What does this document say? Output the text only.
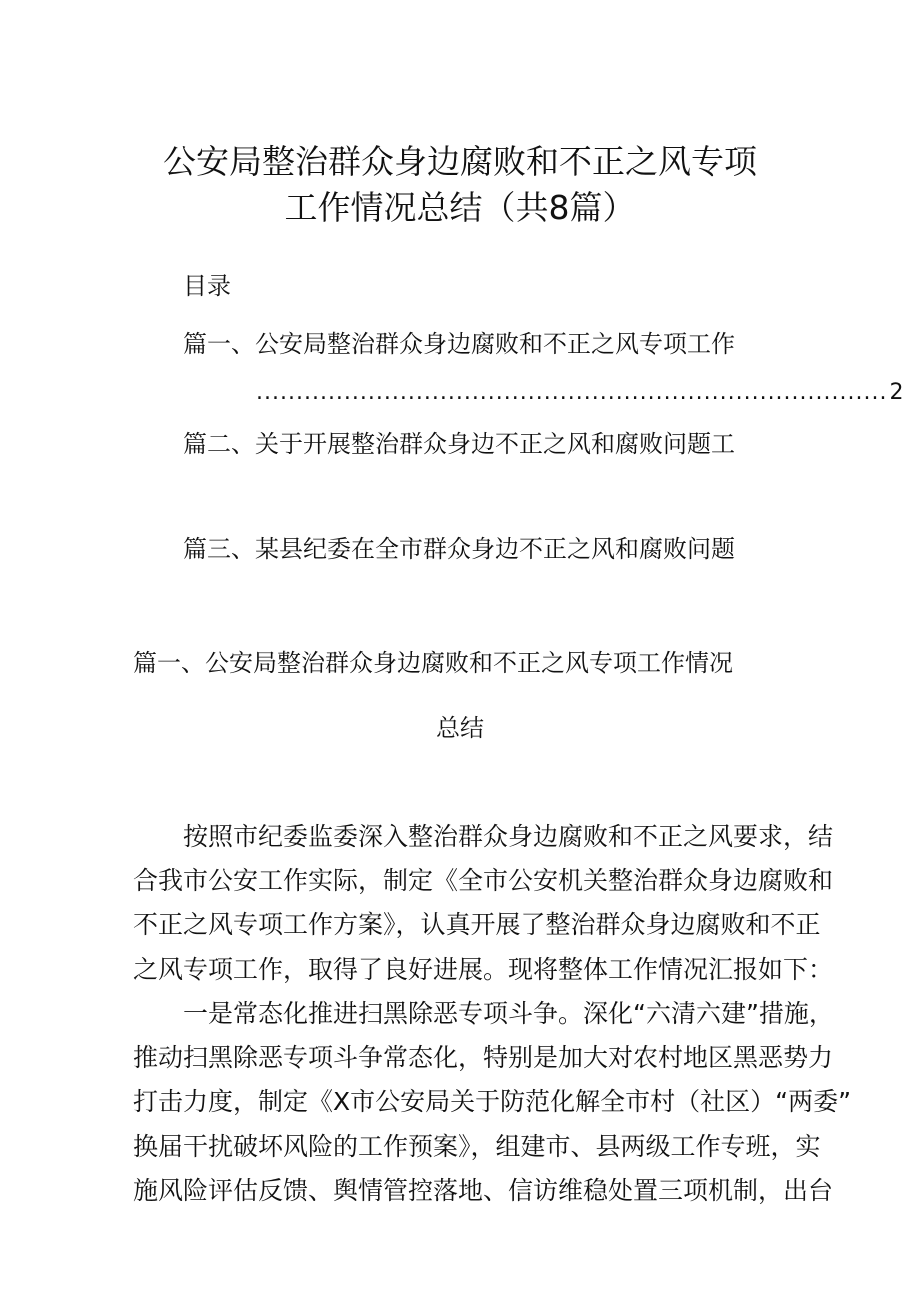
公安局整治群众身边腐败和不正之风专项
工作情况总结（共8篇）
目录
篇一、公安局整治群众身边腐败和不正之风专项工作
............................................................................... 2
篇二、关于开展整治群众身边不正之风和腐败问题工
篇三、某县纪委在全市群众身边不正之风和腐败问题
篇一、公安局整治群众身边腐败和不正之风专项工作情况
总结
按照市纪委监委深入整治群众身边腐败和不正之风要求，结
合我市公安工作实际，制定《全市公安机关整治群众身边腐败和
不正之风专项工作方案》，认真开展了整治群众身边腐败和不正
之风专项工作，取得了良好进展。现将整体工作情况汇报如下：
一是常态化推进扫黑除恶专项斗争。深化“六清六建”措施，
推动扫黑除恶专项斗争常态化，特别是加大对农村地区黑恶势力
打击力度，制定《X市公安局关于防范化解全市村（社区）“两委”
换届干扰破坏风险的工作预案》，组建市、县两级工作专班，实
施风险评估反馈、舆情管控落地、信访维稳处置三项机制，出台
